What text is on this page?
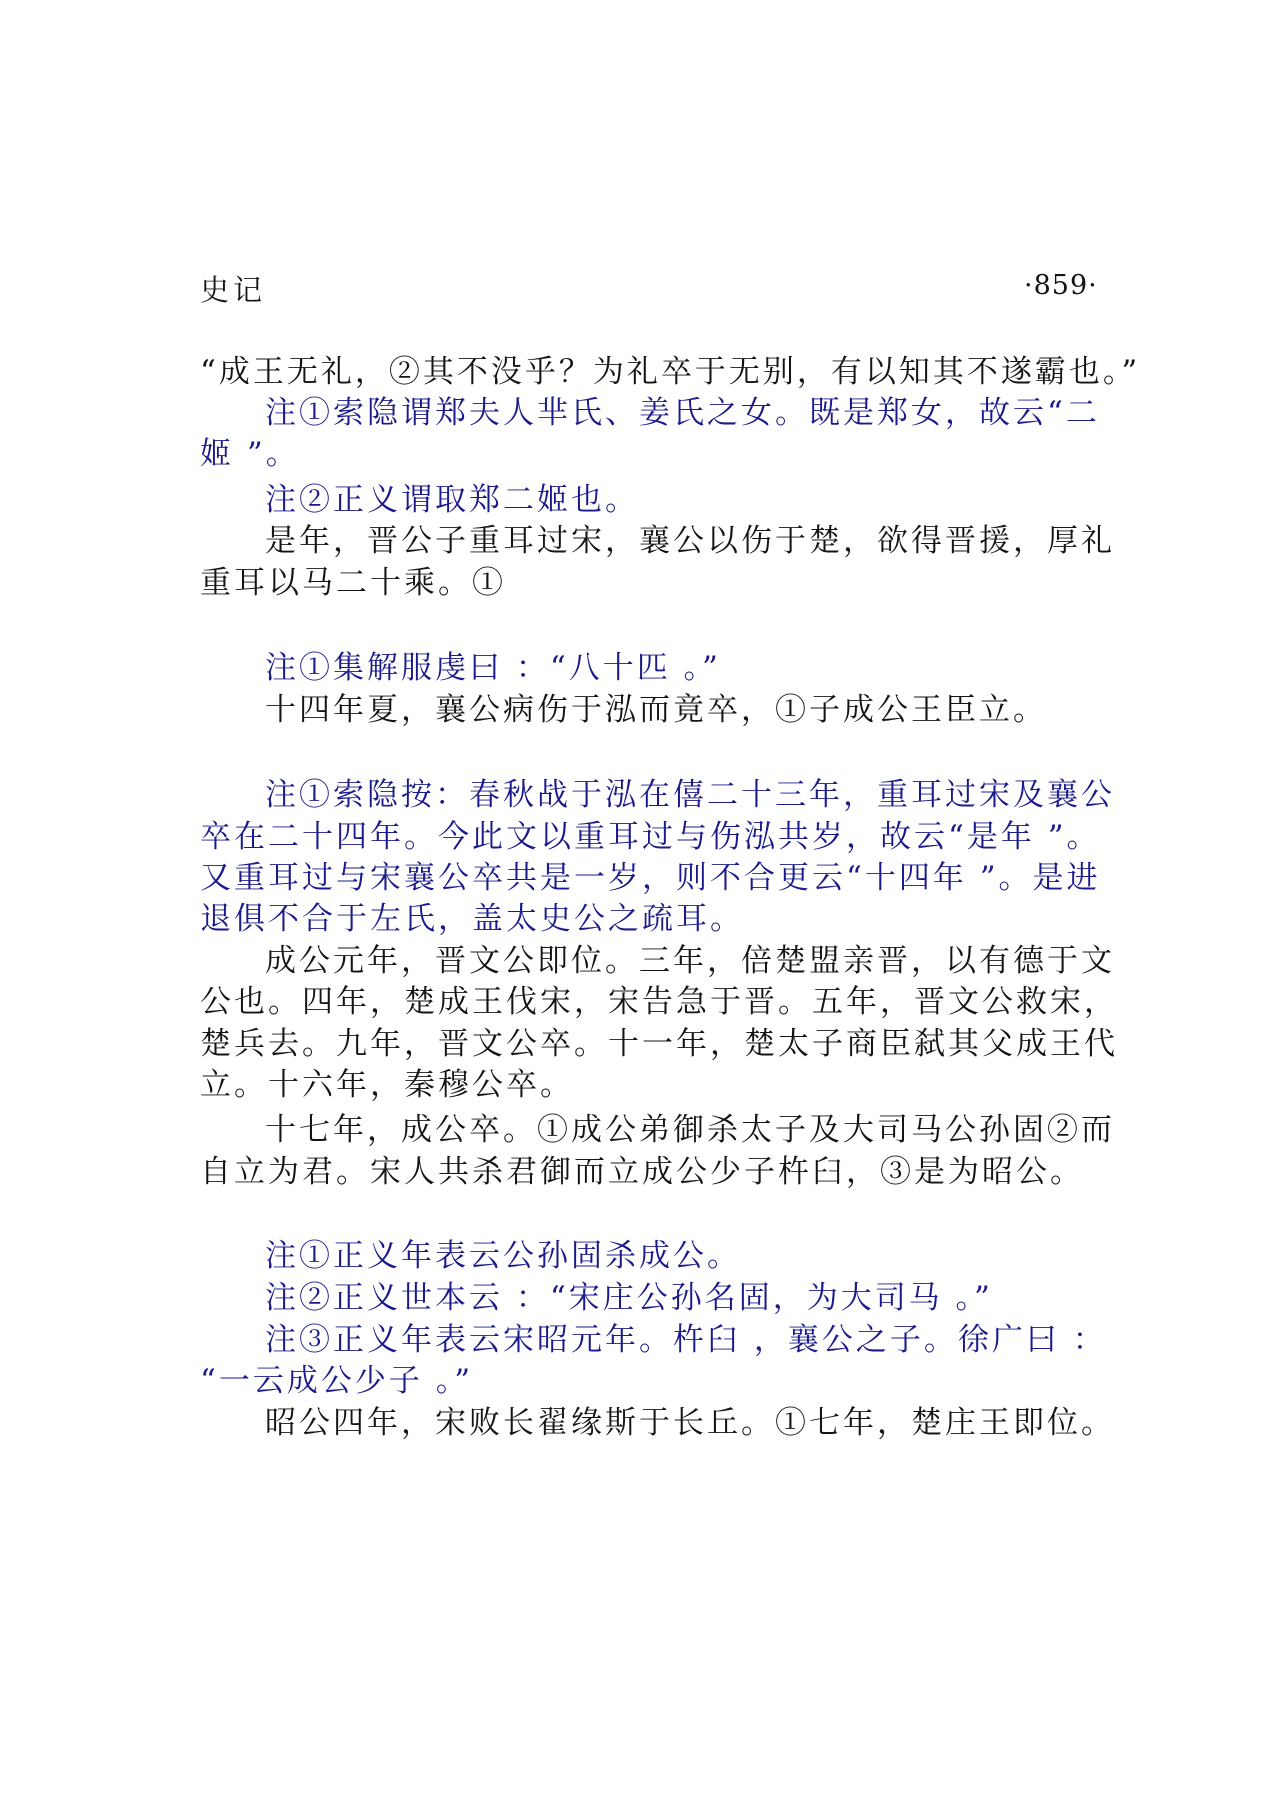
史记	·859·
“成王无礼，②其不没乎？为礼卒于无别，有以知其不遂霸也。”
注①索隐谓郑夫人芈氏、姜氏之女。既是郑女，故云“二
姬 ”。
注②正义谓取郑二姬也。
是年，晋公子重耳过宋，襄公以伤于楚，欲得晋援，厚礼
重耳以马二十乘。①
注①集解服虔曰 ：“八十匹 。”
十四年夏，襄公病伤于泓而竟卒，①子成公王臣立。
注①索隐按：春秋战于泓在僖二十三年，重耳过宋及襄公
卒在二十四年。今此文以重耳过与伤泓共岁，故云“是年 ”。
又重耳过与宋襄公卒共是一岁，则不合更云“十四年 ”。是进
退俱不合于左氏，盖太史公之疏耳。
成公元年，晋文公即位。三年，倍楚盟亲晋，以有德于文
公也。四年，楚成王伐宋，宋告急于晋。五年，晋文公救宋，
楚兵去。九年，晋文公卒。十一年，楚太子商臣弑其父成王代
立。十六年，秦穆公卒。
十七年，成公卒。①成公弟御杀太子及大司马公孙固②而
自立为君。宋人共杀君御而立成公少子杵臼，③是为昭公。
注①正义年表云公孙固杀成公。
注②正义世本云 ：“宋庄公孙名固，为大司马 。”
注③正义年表云宋昭元年。杵臼 ，襄公之子。徐广曰 ：
“一云成公少子 。”
昭公四年，宋败长翟缘斯于长丘。①七年，楚庄王即位。
